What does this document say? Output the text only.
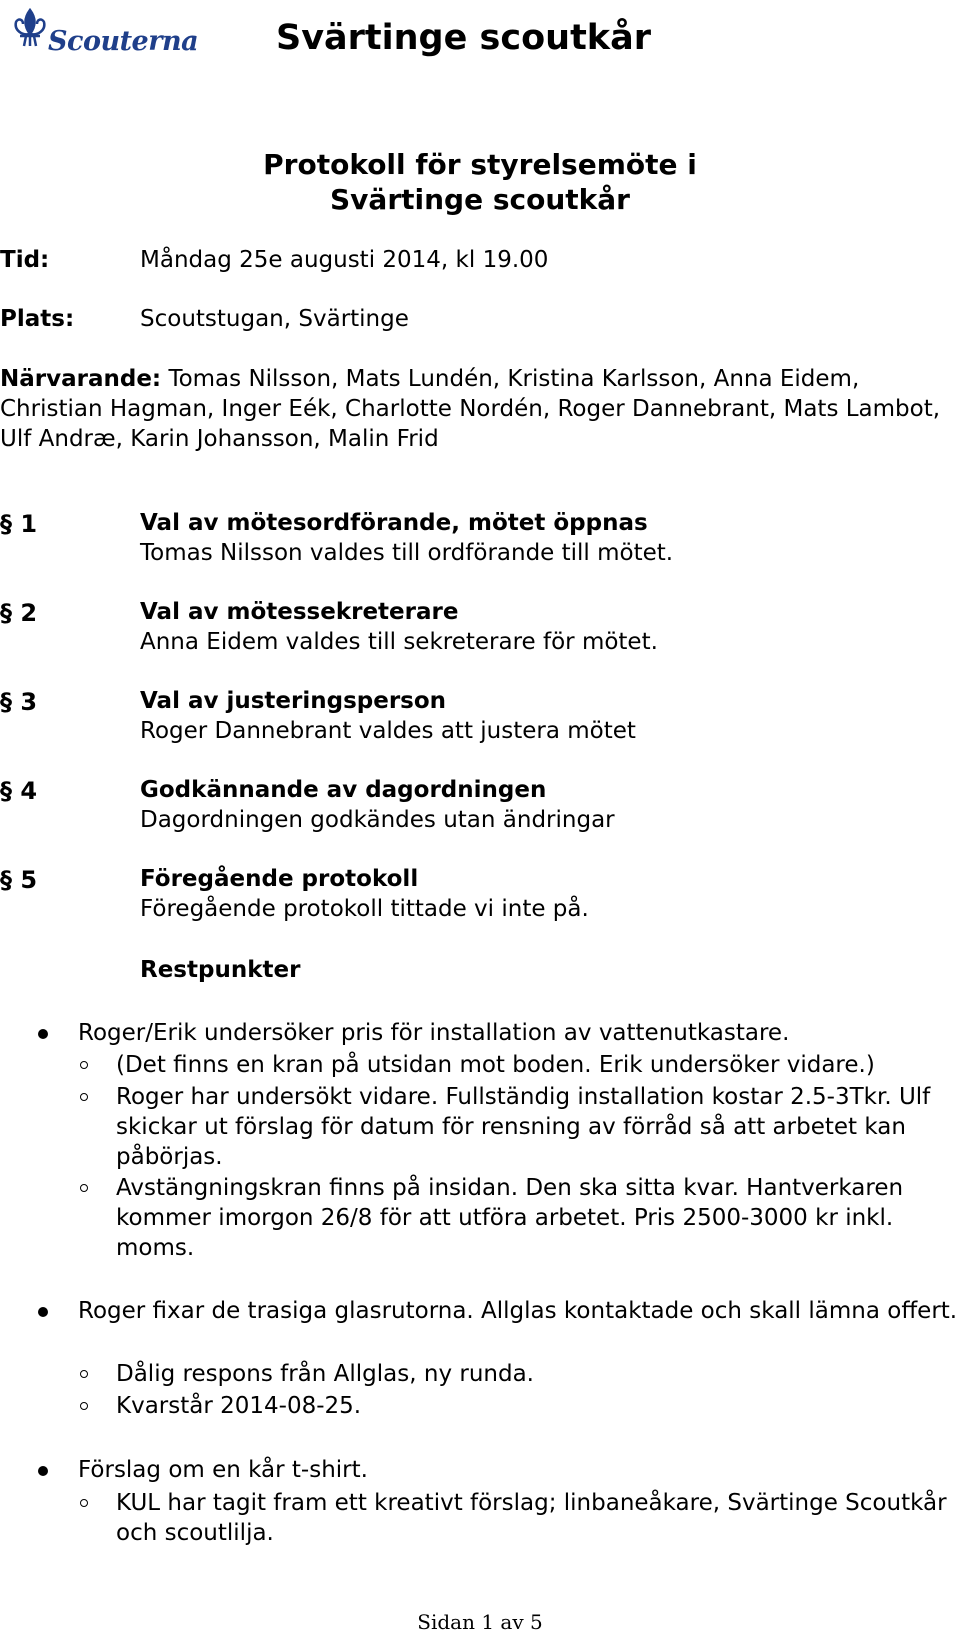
Scouterna Svärtinge scoutkår
Protokoll för styrelsemöte i
Svärtinge scoutkår
Tid:	Måndag 25e augusti 2014, kl 19.00
Plats:	Scoutstugan, Svärtinge
Närvarande: Tomas Nilsson, Mats Lundén, Kristina Karlsson, Anna Eidem, Christian Hagman, Inger Eék, Charlotte Nordén, Roger Dannebrant, Mats Lambot, Ulf Andræ, Karin Johansson, Malin Frid
§ 1	Val av mötesordförande, mötet öppnas
Tomas Nilsson valdes till ordförande till mötet.
§ 2	Val av mötessekreterare
Anna Eidem valdes till sekreterare för mötet.
§ 3	Val av justeringsperson
Roger Dannebrant valdes att justera mötet
§ 4	Godkännande av dagordningen
Dagordningen godkändes utan ändringar
§ 5	Föregående protokoll
Föregående protokoll tittade vi inte på.
Restpunkter
Roger/Erik undersöker pris för installation av vattenutkastare.
(Det finns en kran på utsidan mot boden. Erik undersöker vidare.)
Roger har undersökt vidare. Fullständig installation kostar 2.5-3Tkr. Ulf skickar ut förslag för datum för rensning av förråd så att arbetet kan påbörjas.
Avstängningskran finns på insidan. Den ska sitta kvar. Hantverkaren kommer imorgon 26/8 för att utföra arbetet. Pris 2500-3000 kr inkl. moms.
Roger fixar de trasiga glasrutorna. Allglas kontaktade och skall lämna offert.
Dålig respons från Allglas, ny runda.
Kvarstår 2014-08-25.
Förslag om en kår t-shirt.
KUL har tagit fram ett kreativt förslag; linbaneåkare, Svärtinge Scoutkår och scoutlilja.
Sidan 1 av 5
